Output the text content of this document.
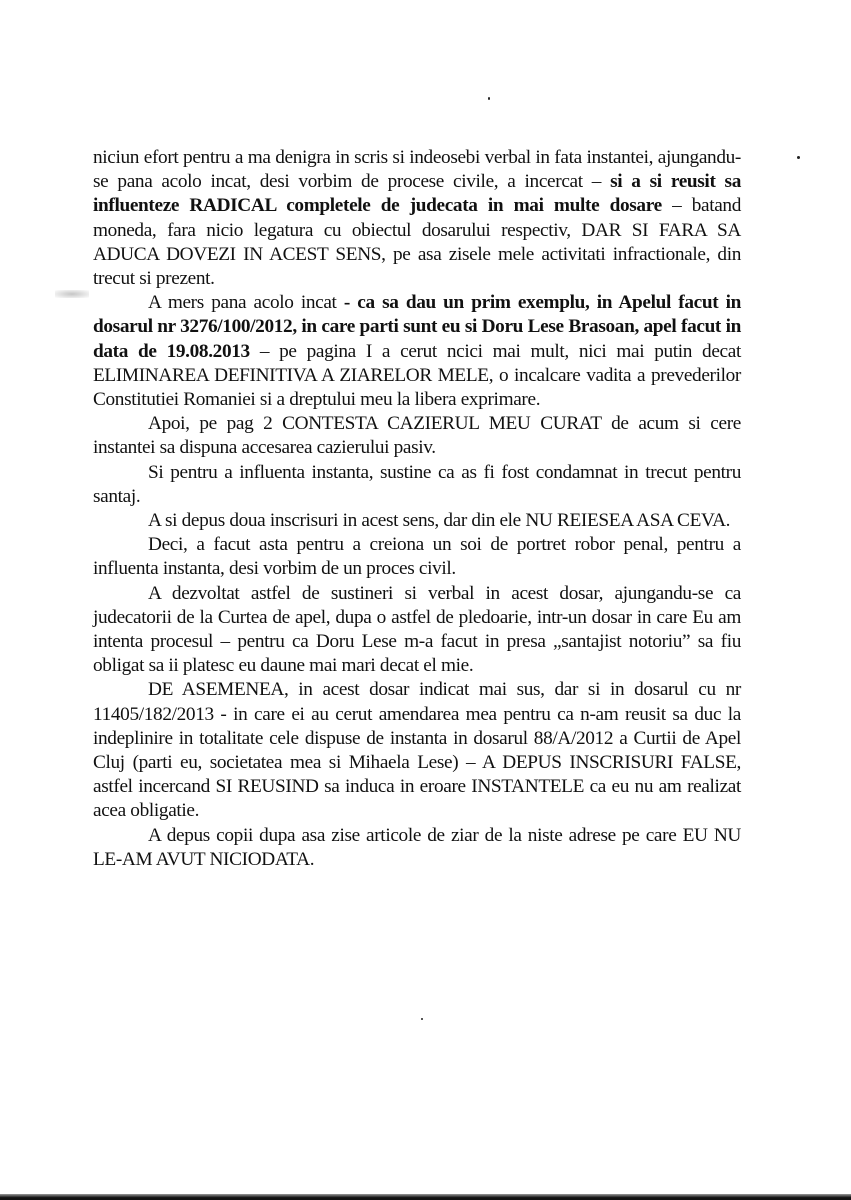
niciun efort pentru a ma denigra in scris si indeosebi verbal in fata instantei, ajungandu-se pana acolo incat, desi vorbim de procese civile, a incercat – si a si reusit sa influenteze RADICAL completele de judecata in mai multe dosare – batand moneda, fara nicio legatura cu obiectul dosarului respectiv, DAR SI FARA SA ADUCA DOVEZI IN ACEST SENS, pe asa zisele mele activitati infractionale, din trecut si prezent.

A mers pana acolo incat - ca sa dau un prim exemplu, in Apelul facut in dosarul nr 3276/100/2012, in care parti sunt eu si Doru Lese Brasoan, apel facut in data de 19.08.2013 – pe pagina I a cerut ncici mai mult, nici mai putin decat ELIMINAREA DEFINITIVA A ZIARELOR MELE, o incalcare vadita a prevederilor Constitutiei Romaniei si a dreptului meu la libera exprimare.

Apoi, pe pag 2 CONTESTA CAZIERUL MEU CURAT de acum si cere instantei sa dispuna accesarea cazierului pasiv.

Si pentru a influenta instanta, sustine ca as fi fost condamnat in trecut pentru santaj.

A si depus doua inscrisuri in acest sens, dar din ele NU REIESEA ASA CEVA.

Deci, a facut asta pentru a creiona un soi de portret robor penal, pentru a influenta instanta, desi vorbim de un proces civil.

A dezvoltat astfel de sustineri si verbal in acest dosar, ajungandu-se ca judecatorii de la Curtea de apel, dupa o astfel de pledoarie, intr-un dosar in care Eu am intenta procesul – pentru ca Doru Lese m-a facut in presa „santajist notoriu” sa fiu obligat sa ii platesc eu daune mai mari decat el mie.

DE ASEMENEA, in acest dosar indicat mai sus, dar si in dosarul cu nr 11405/182/2013 - in care ei au cerut amendarea mea pentru ca n-am reusit sa duc la indeplinire in totalitate cele dispuse de instanta in dosarul 88/A/2012 a Curtii de Apel Cluj (parti eu, societatea mea si Mihaela Lese) – A DEPUS INSCRISURI FALSE, astfel incercand SI REUSIND sa induca in eroare INSTANTELE ca eu nu am realizat acea obligatie.

A depus copii dupa asa zise articole de ziar de la niste adrese pe care EU NU LE-AM AVUT NICIODATA.
